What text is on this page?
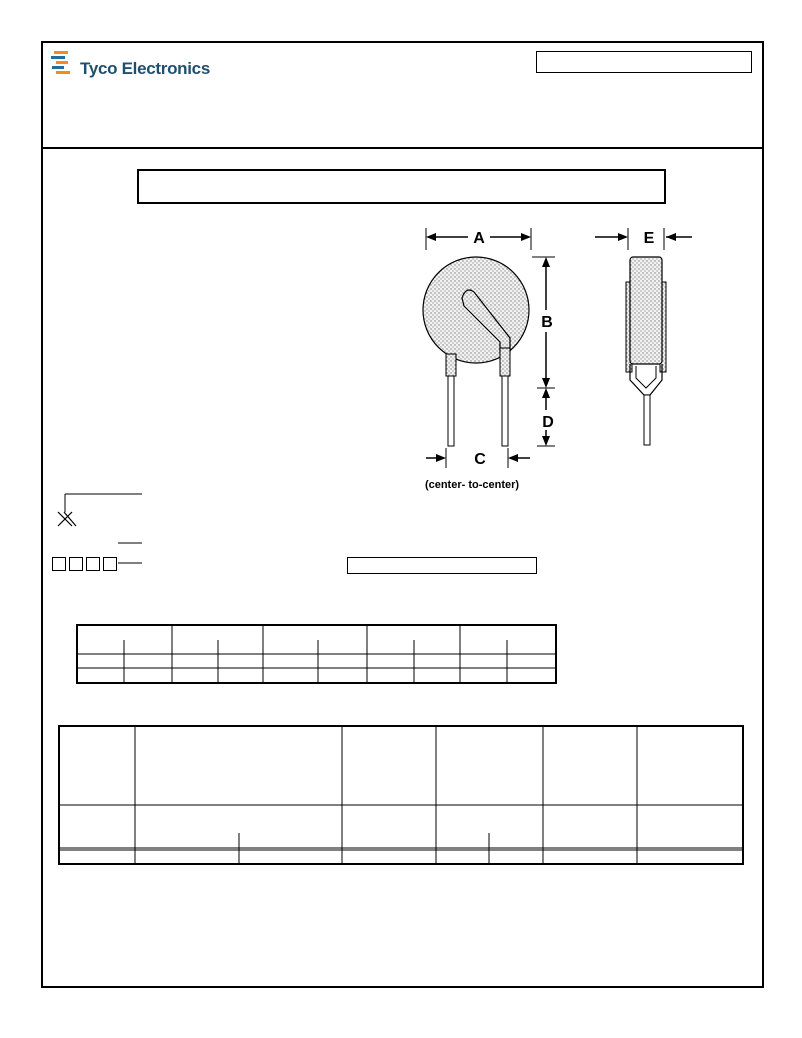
Tyco Electronics
A
B
D
C
(center- to-center)
E
